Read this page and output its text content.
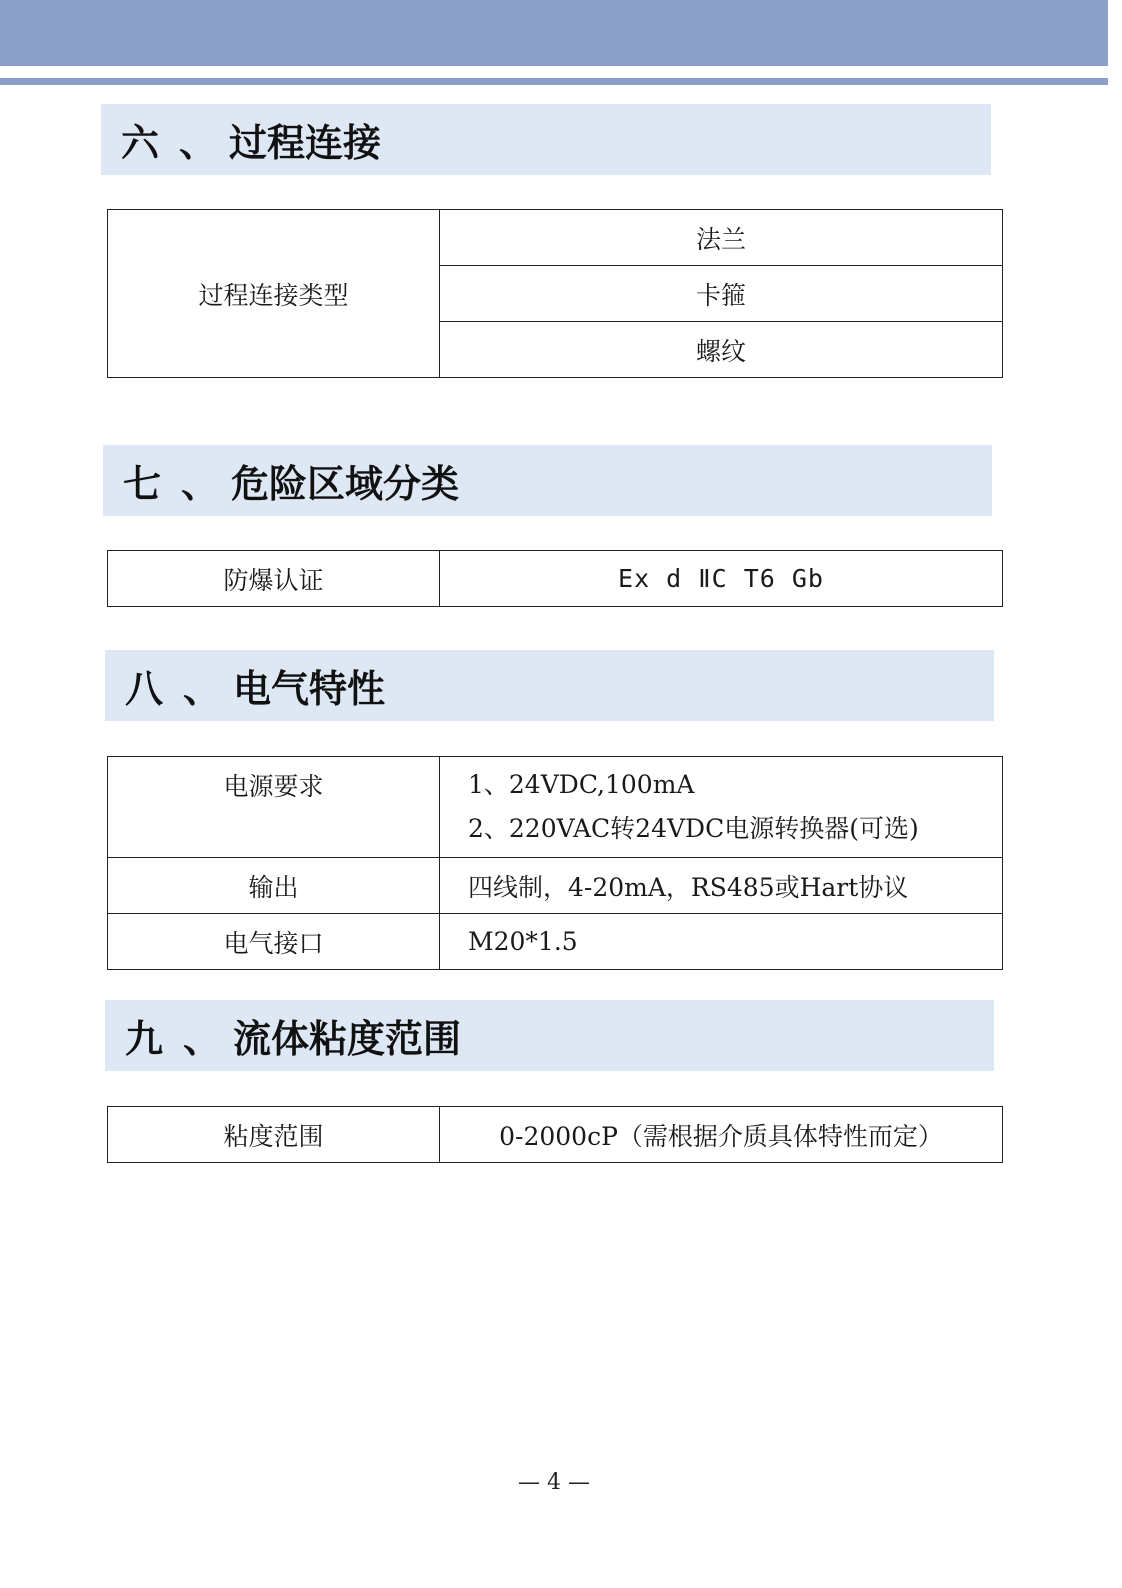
六 、 过程连接
过程连接类型	法兰
卡箍
螺纹
七 、 危险区域分类
防爆认证	Ex d ⅡC T6 Gb
八 、 电气特性
电源要求	1、24VDC,100mA
2、220VAC转24VDC电源转换器(可选)

输出	四线制，4-20mA，RS485或Hart协议
电气接口	M20*1.5
九 、 流体粘度范围
粘度范围	0-2000cP（需根据介质具体特性而定）
— 4 —
